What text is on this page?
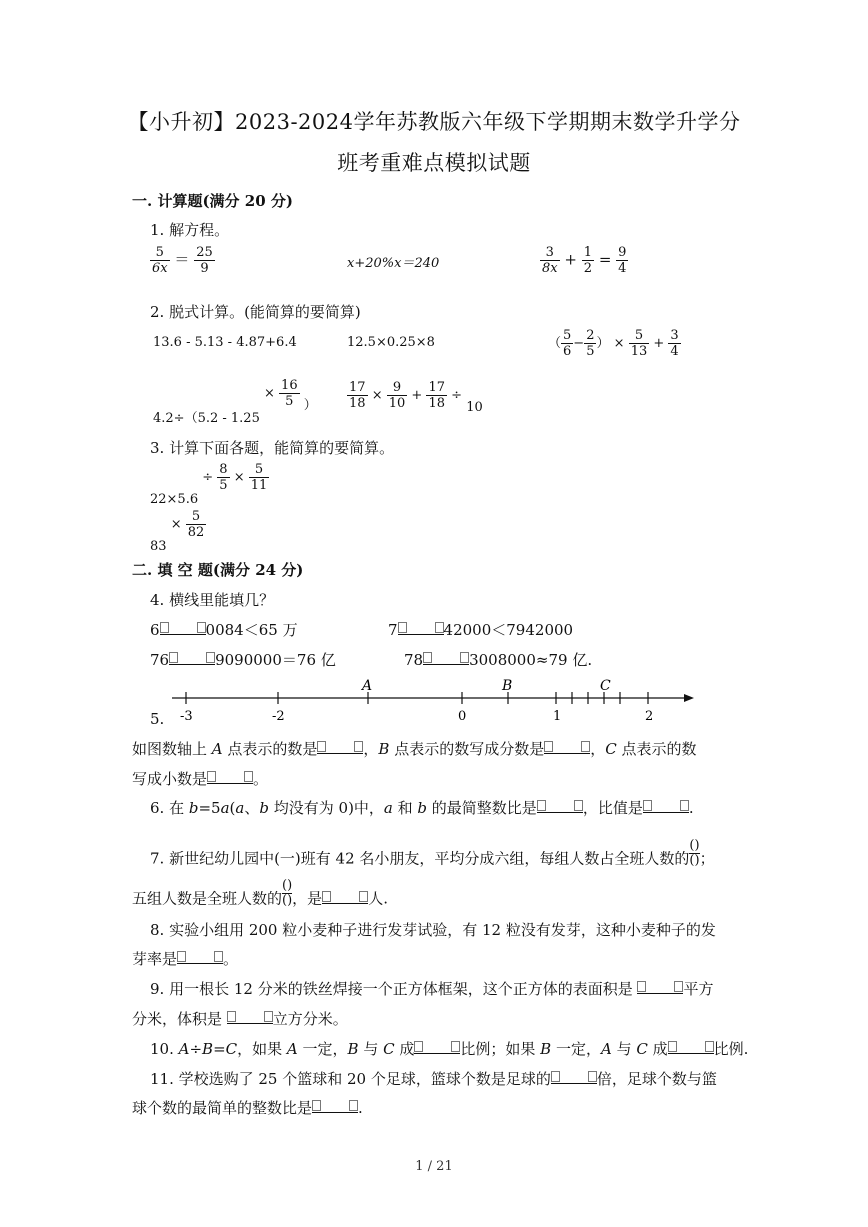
【小升初】2023-2024学年苏教版六年级下学期期末数学升学分
班考重难点模拟试题
一. 计算题(满分 20 分)
1. 解方程。
$\frac{5}{6x} = \frac{25}{9}$	x+20%x＝240	$\frac{3}{8x} + \frac{1}{2} = \frac{9}{4}$
2. 脱式计算。(能简算的要简算)
13.6 - 5.13 - 4.87+6.4	12.5×0.25×8	（ $\frac{5}{6} - \frac{2}{5}$ ） × $\frac{5}{13} + \frac{3}{4}$
$4.2\div(5.2 - 1.25 \times \frac{16}{5}$ ） $\frac{17}{18} \times \frac{9}{10} + \frac{17}{18} \div 10$
3. 计算下面各题，能简算的要简算。
$22\times 5.6 \div \frac{8}{5} \times \frac{5}{11}$
$83 \times \frac{5}{82}$
二. 填 空 题(满分 24 分)
4. 横线里能填几？
6	0084＜65 万	7	42000＜7942000
76	9090000＝76 亿	78	3008000≈79 亿.
5. -3	-2	0	1	2
A	B	C
如图数轴上 A 点表示的数是	，B 点表示的数写成分数是	，C 点表示的数
写成小数是	。
6. 在 b=5a(a、b 均没有为 0)中，a 和 b 的最简整数比是	，比值是	.
7. 新世纪幼儿园中(一)班有 42 名小朋友，平均分成六组，每组人数占全班人数的 $\frac{()}{()}$ ；
五组人数是全班人数的 $\frac{()}{()}$ ，是	人.
8. 实验小组用 200 粒小麦种子进行发芽试验，有 12 粒没有发芽，这种小麦种子的发
芽率是	。
9. 用一根长 12 分米的铁丝焊接一个正方体框架，这个正方体的表面积是	平方
分米，体积是	立方分米。
10. A÷B=C，如果 A 一定，B 与 C 成	比例；如果 B 一定，A 与 C 成	比例.
11. 学校选购了 25 个篮球和 20 个足球，篮球个数是足球的	倍，足球个数与篮
球个数的最简单的整数比是	.
1 / 21
